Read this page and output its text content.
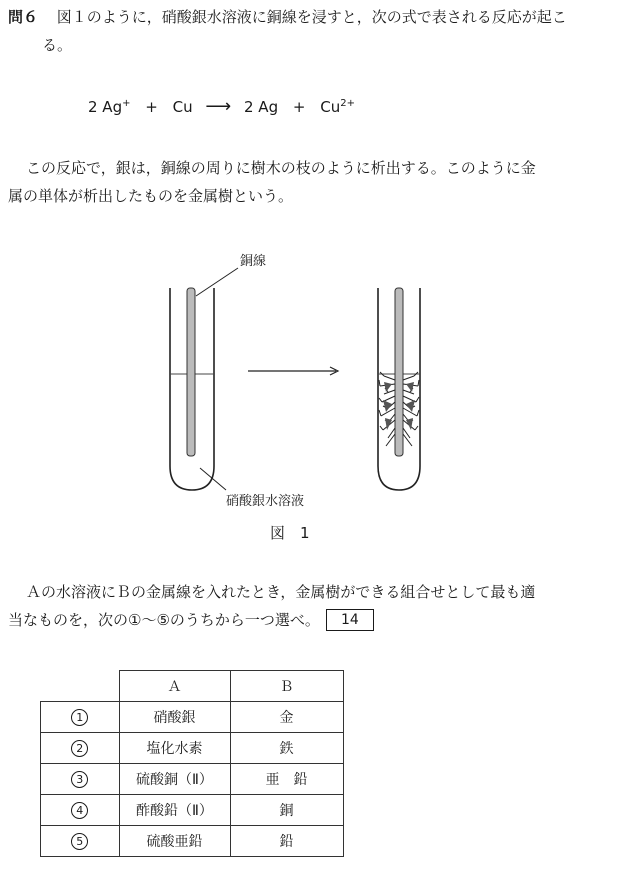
問６ 図１のように，硝酸銀水溶液に銅線を浸すと，次の式で表される反応が起こ
る。
2 Ag+ + Cu ⟶ 2 $Ag + Cu^{2+}$
この反応で，銀は，銅線の周りに樹木の枝のように析出する。このように金
属の単体が析出したものを金属樹という。
銅線
硝酸銀水溶液
図　1
Ａの水溶液にＢの金属線を入れたとき，金属樹ができる組合せとして最も適
当なものを，次の①～⑤のうちから一つ選べ。	14
	Ａ	Ｂ
1	硝酸銀	金
2	塩化水素	鉄
3	硫酸銅（Ⅱ）	亜　鉛
4	酢酸鉛（Ⅱ）	銅
5	硫酸亜鉛	鉛
